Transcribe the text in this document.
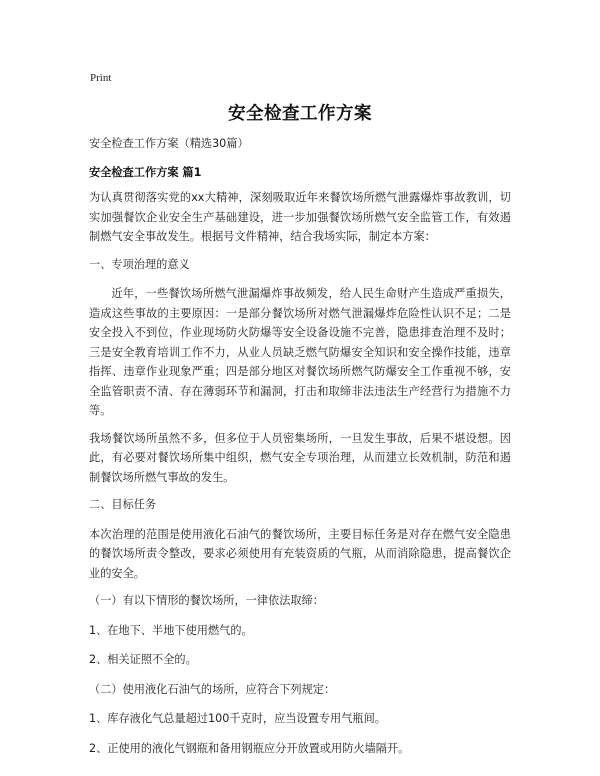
Print
安全检查工作方案

安全检查工作方案（精选30篇）

安全检查工作方案 篇1

为认真贯彻落实党的xx大精神，深刻吸取近年来餐饮场所燃气泄露爆炸事故教训，切实加强餐饮企业安全生产基础建设，进一步加强餐饮场所燃气安全监管工作，有效遏制燃气安全事故发生。根据号文件精神，结合我场实际，制定本方案：

一、专项治理的意义

近年，一些餐饮场所燃气泄漏爆炸事故频发，给人民生命财产生造成严重损失，造成这些事故的主要原因：一是部分餐饮场所对燃气泄漏爆炸危险性认识不足；二是安全投入不到位，作业现场防火防爆等安全设备设施不完善，隐患排查治理不及时；三是安全教育培训工作不力，从业人员缺乏燃气防爆安全知识和安全操作技能，违章指挥、违章作业现象严重；四是部分地区对餐饮场所燃气防爆安全工作重视不够，安全监管职责不清、存在薄弱环节和漏洞，打击和取缔非法违法生产经营行为措施不力等。

我场餐饮场所虽然不多，但多位于人员密集场所，一旦发生事故，后果不堪设想。因此，有必要对餐饮场所集中组织，燃气安全专项治理，从而建立长效机制，防范和遏制餐饮场所燃气事故的发生。

二、目标任务

本次治理的范围是使用液化石油气的餐饮场所，主要目标任务是对存在燃气安全隐患的餐饮场所责令整改，要求必须使用有充装资质的气瓶，从而消除隐患，提高餐饮企业的安全。

（一）有以下情形的餐饮场所，一律依法取缔：

1、在地下、半地下使用燃气的。

2、相关证照不全的。

（二）使用液化石油气的场所，应符合下列规定：

1、库存液化气总量超过100千克时，应当设置专用气瓶间。

2、正使用的液化气钢瓶和备用钢瓶应分开放置或用防火墙隔开。
